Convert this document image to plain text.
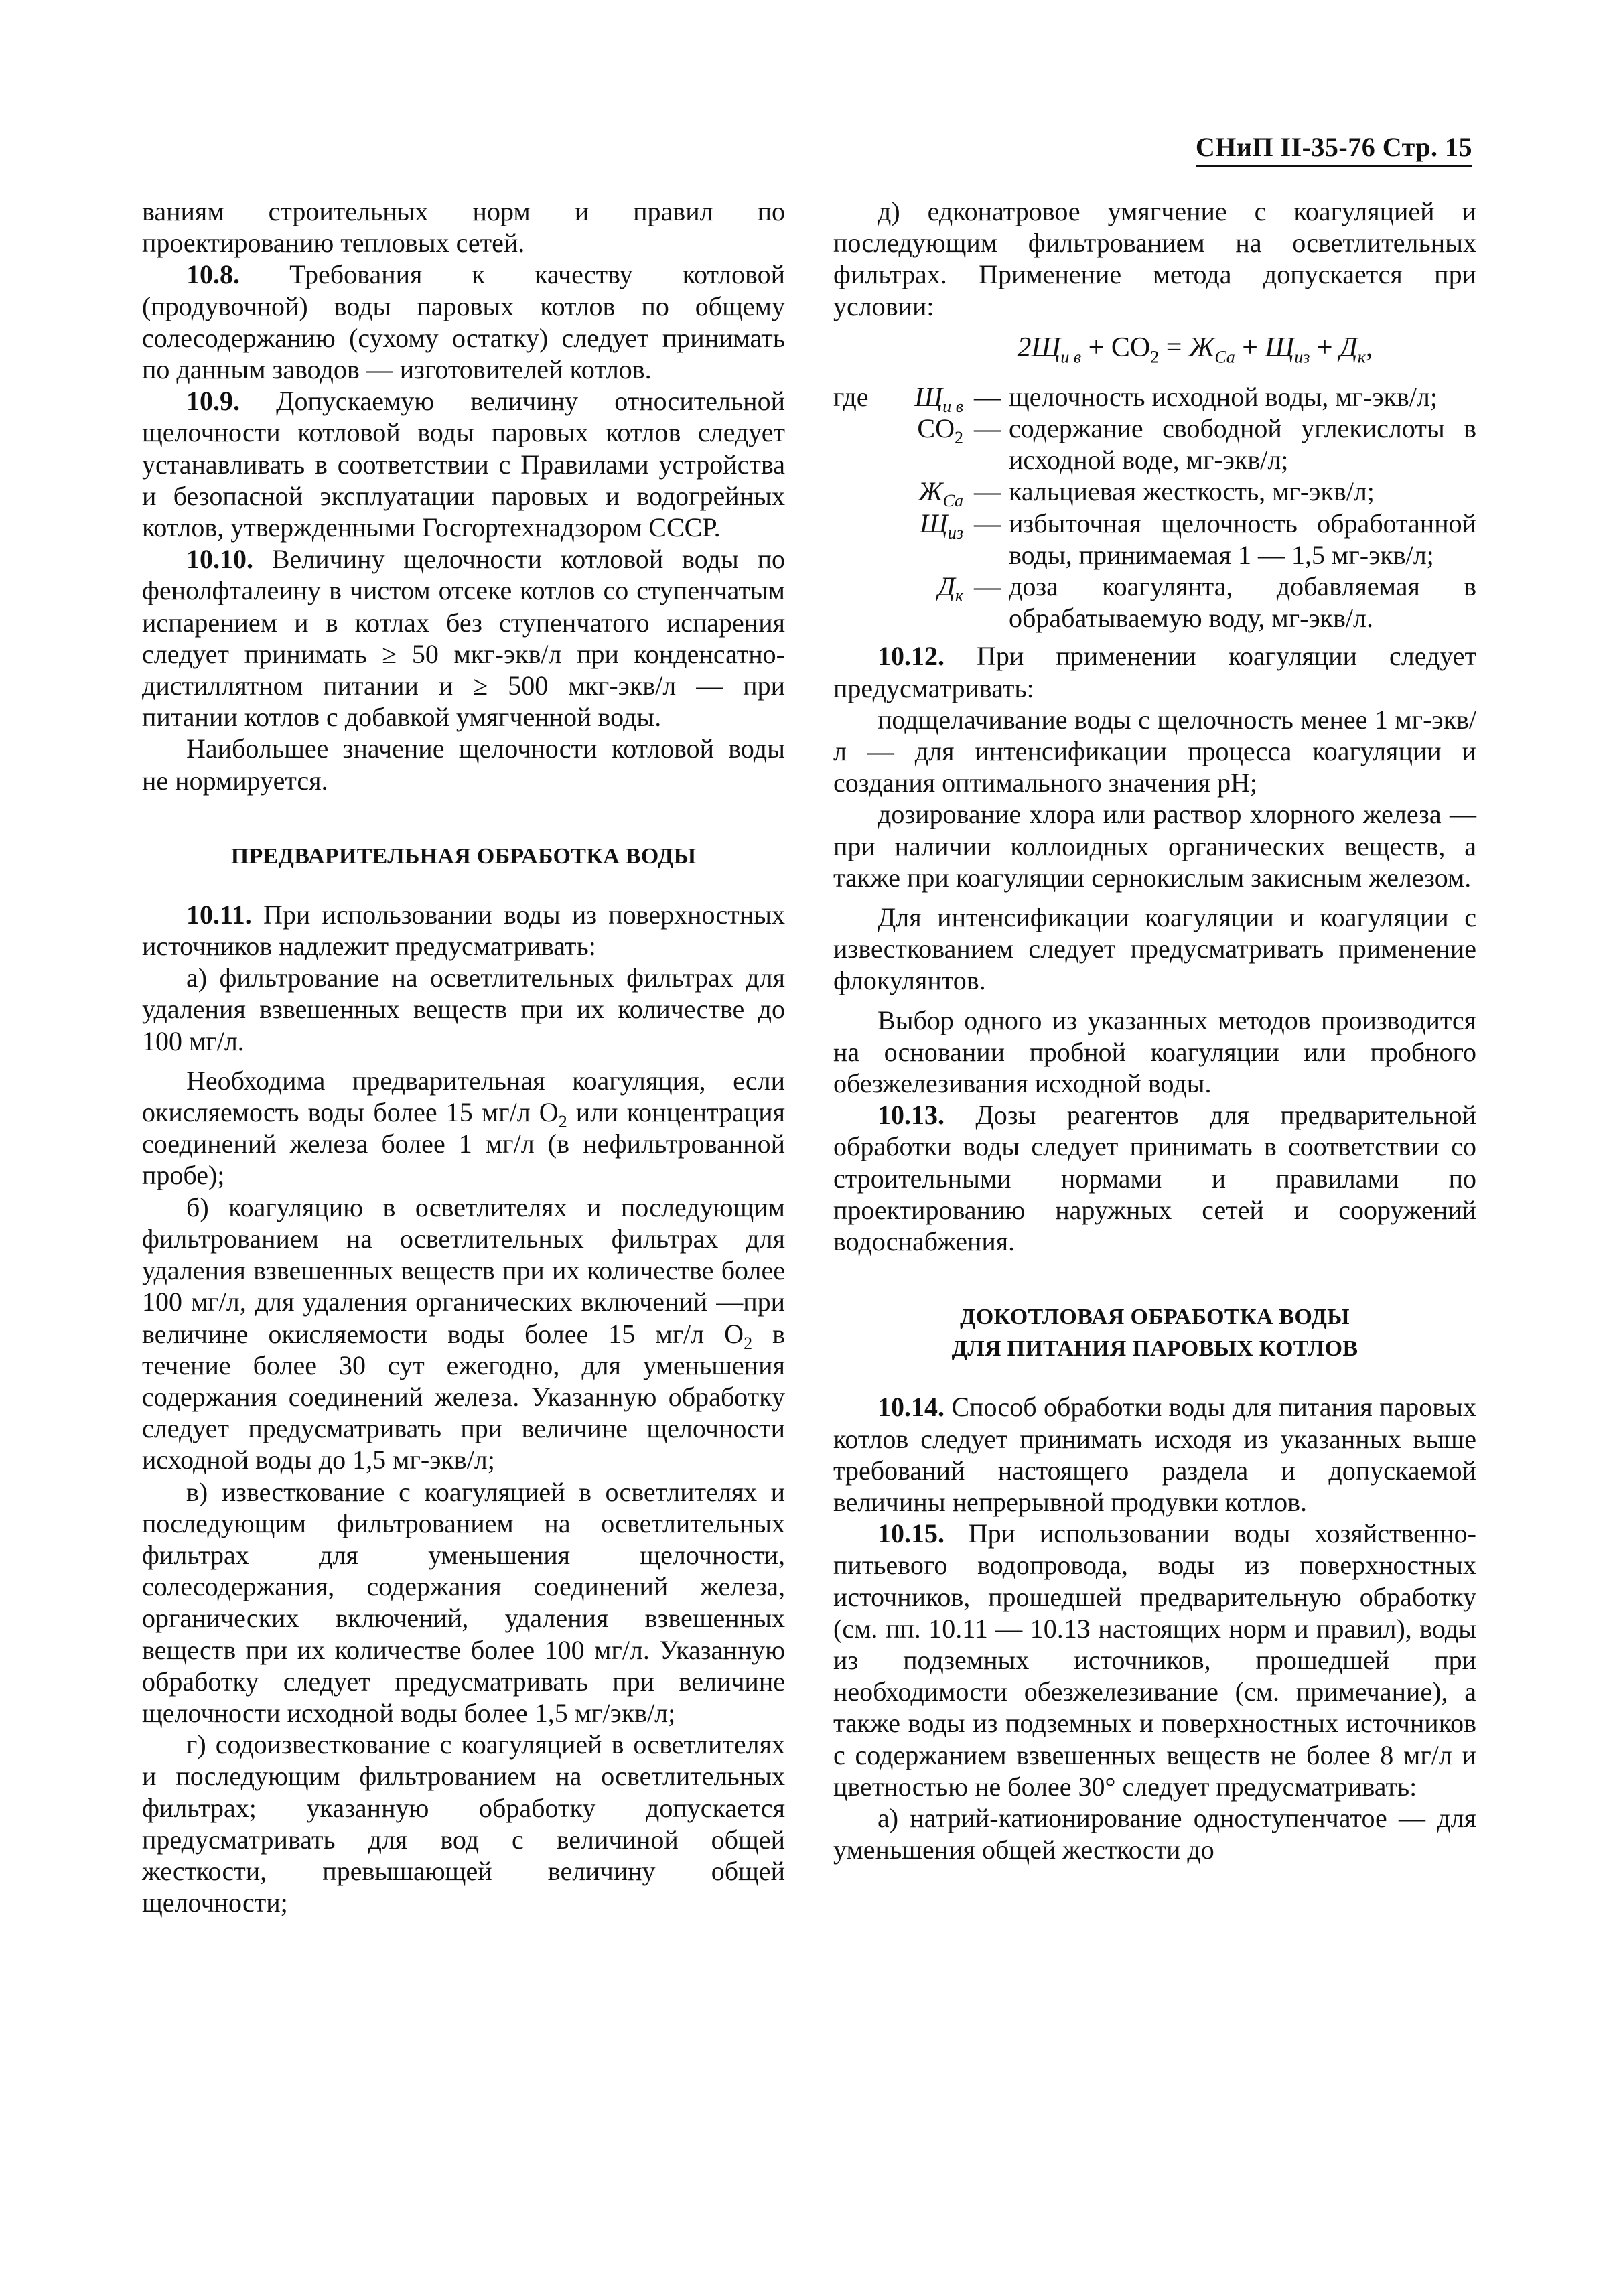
СНиП II-35-76 Стр. 15

ваниям строительных норм и правил по проектированию тепловых сетей.

10.8. Требования к качеству котловой (продувочной) воды паровых котлов по общему солесодержанию (сухому остатку) следует принимать по данным заводов — изготовителей котлов.

10.9. Допускаемую величину относительной щелочности котловой воды паровых котлов следует устанавливать в соответствии с Правилами устройства и безопасной эксплуатации паровых и водогрейных котлов, утвержденными Госгортехнадзором СССР.

10.10. Величину щелочности котловой воды по фенолфталеину в чистом отсеке котлов со ступенчатым испарением и в котлах без ступенчатого испарения следует принимать ≥ 50 мкг-экв/л при конденсатно-дистиллятном питании и ≥ 500 мкг-экв/л — при питании котлов с добавкой умягченной воды.

Наибольшее значение щелочности котловой воды не нормируется.

ПРЕДВАРИТЕЛЬНАЯ ОБРАБОТКА ВОДЫ

10.11. При использовании воды из поверхностных источников надлежит предусматривать:

а) фильтрование на осветлительных фильтрах для удаления взвешенных веществ при их количестве до 100 мг/л.

Необходима предварительная коагуляция, если окисляемость воды более 15 мг/л $O_2$ или концентрация соединений железа более 1 мг/л (в нефильтрованной пробе);

б) коагуляцию в осветлителях и последующим фильтрованием на осветлительных фильтрах для удаления взвешенных веществ при их количестве более 100 мг/л, для удаления органических включений —при величине окисляемости воды более 15 мг/л $O_2$ в течение более 30 сут ежегодно, для уменьшения содержания соединений железа. Указанную обработку следует предусматривать при величине щелочности исходной воды до 1,5 мг-экв/л;

в) известкование с коагуляцией в осветлителях и последующим фильтрованием на осветлительных фильтрах для уменьшения щелочности, солесодержания, содержания соединений железа, органических включений, удаления взвешенных веществ при их количестве более 100 мг/л. Указанную обработку следует предусматривать при величине щелочности исходной воды более 1,5 мг/экв/л;

г) содоизвесткование с коагуляцией в осветлителях и последующим фильтрованием на осветлительных фильтрах; указанную обработку допускается предусматривать для вод с величиной общей жесткости, превышающей величину общей щелочности;

д) едконатровое умягчение с коагуляцией и последующим фильтрованием на осветлительных фильтрах. Применение метода допускается при условии:

$2Щ_{и в} + CO_2 = Ж_{Ca} + Щ_{из} + Д_к$,
где	$Щ_{и в}$ — щелочность исходной воды, мг-экв/л;
$CO_2$ — содержание свободной углекислоты в исходной воде, мг-экв/л;
$Ж_{Ca}$ — кальциевая жесткость, мг-экв/л;
$Щ_{из}$ — избыточная щелочность обработанной воды, принимаемая 1 — 1,5 мг-экв/л;
$Д_к$ — доза коагулянта, добавляемая в обрабатываемую воду, мг-экв/л.

10.12. При применении коагуляции следует предусматривать:

подщелачивание воды с щелочность менее 1 мг-экв/л — для интенсификации процесса коагуляции и создания оптимального значения pH;

дозирование хлора или раствор хлорного железа — при наличии коллоидных органических веществ, а также при коагуляции сернокислым закисным железом.

Для интенсификации коагуляции и коагуляции с известкованием следует предусматривать применение флокулянтов.

Выбор одного из указанных методов производится на основании пробной коагуляции или пробного обезжелезивания исходной воды.

10.13. Дозы реагентов для предварительной обработки воды следует принимать в соответствии со строительными нормами и правилами по проектированию наружных сетей и сооружений водоснабжения.

ДОКОТЛОВАЯ ОБРАБОТКА ВОДЫ
ДЛЯ ПИТАНИЯ ПАРОВЫХ КОТЛОВ

10.14. Способ обработки воды для питания паровых котлов следует принимать исходя из указанных выше требований настоящего раздела и допускаемой величины непрерывной продувки котлов.

10.15. При использовании воды хозяйственно-питьевого водопровода, воды из поверхностных источников, прошедшей предварительную обработку (см. пп. 10.11 — 10.13 настоящих норм и правил), воды из подземных источников, прошедшей при необходимости обезжелезивание (см. примечание), а также воды из подземных и поверхностных источников с содержанием взвешенных веществ не более 8 мг/л и цветностью не более 30° следует предусматривать:

а) натрий-катионирование одноступенчатое — для уменьшения общей жесткости до
